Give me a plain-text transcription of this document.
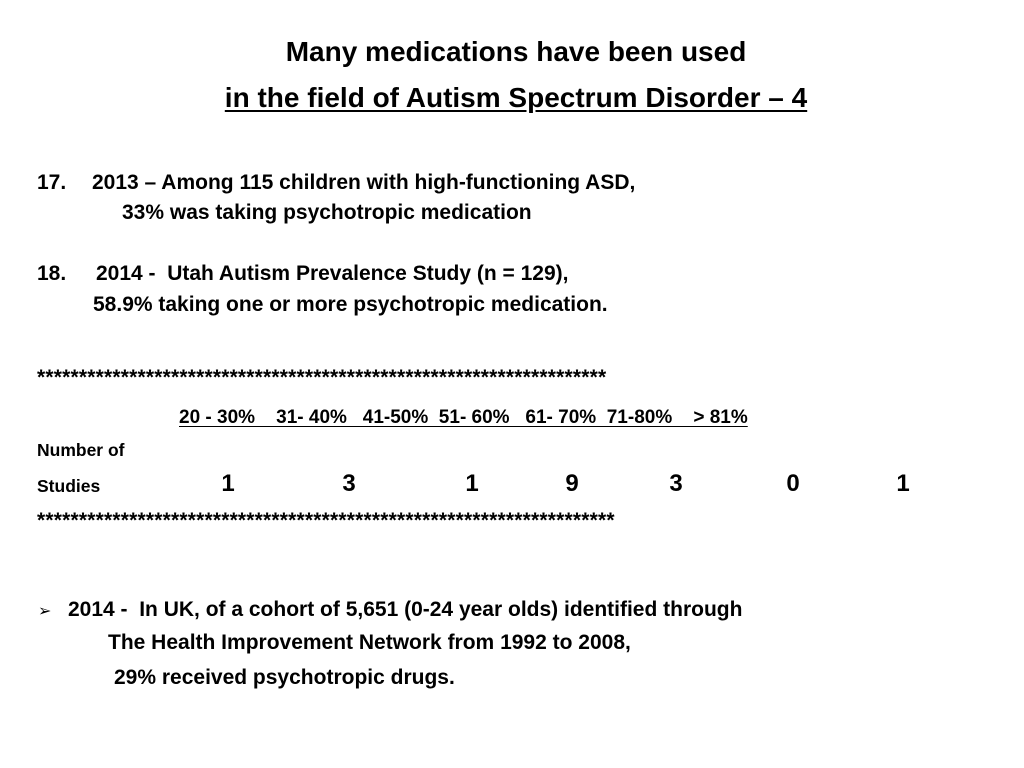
Many medications have been used
in the field of Autism Spectrum Disorder – 4
17. 2013 – Among 115 children with high-functioning ASD,
33% was taking psychotropic medication
18. 2014 -  Utah Autism Prevalence Study (n = 129),
58.9% taking one or more psychotropic medication.
********************************************************************
20 - 30%    31- 40%   41-50%  51- 60%   61- 70%  71-80%    > 81%
Number of
Studies	1	3	1	9	3	0	1
*********************************************************************
➢ 2014 -  In UK, of a cohort of 5,651 (0-24 year olds) identified through
The Health Improvement Network from 1992 to 2008,
29% received psychotropic drugs.
